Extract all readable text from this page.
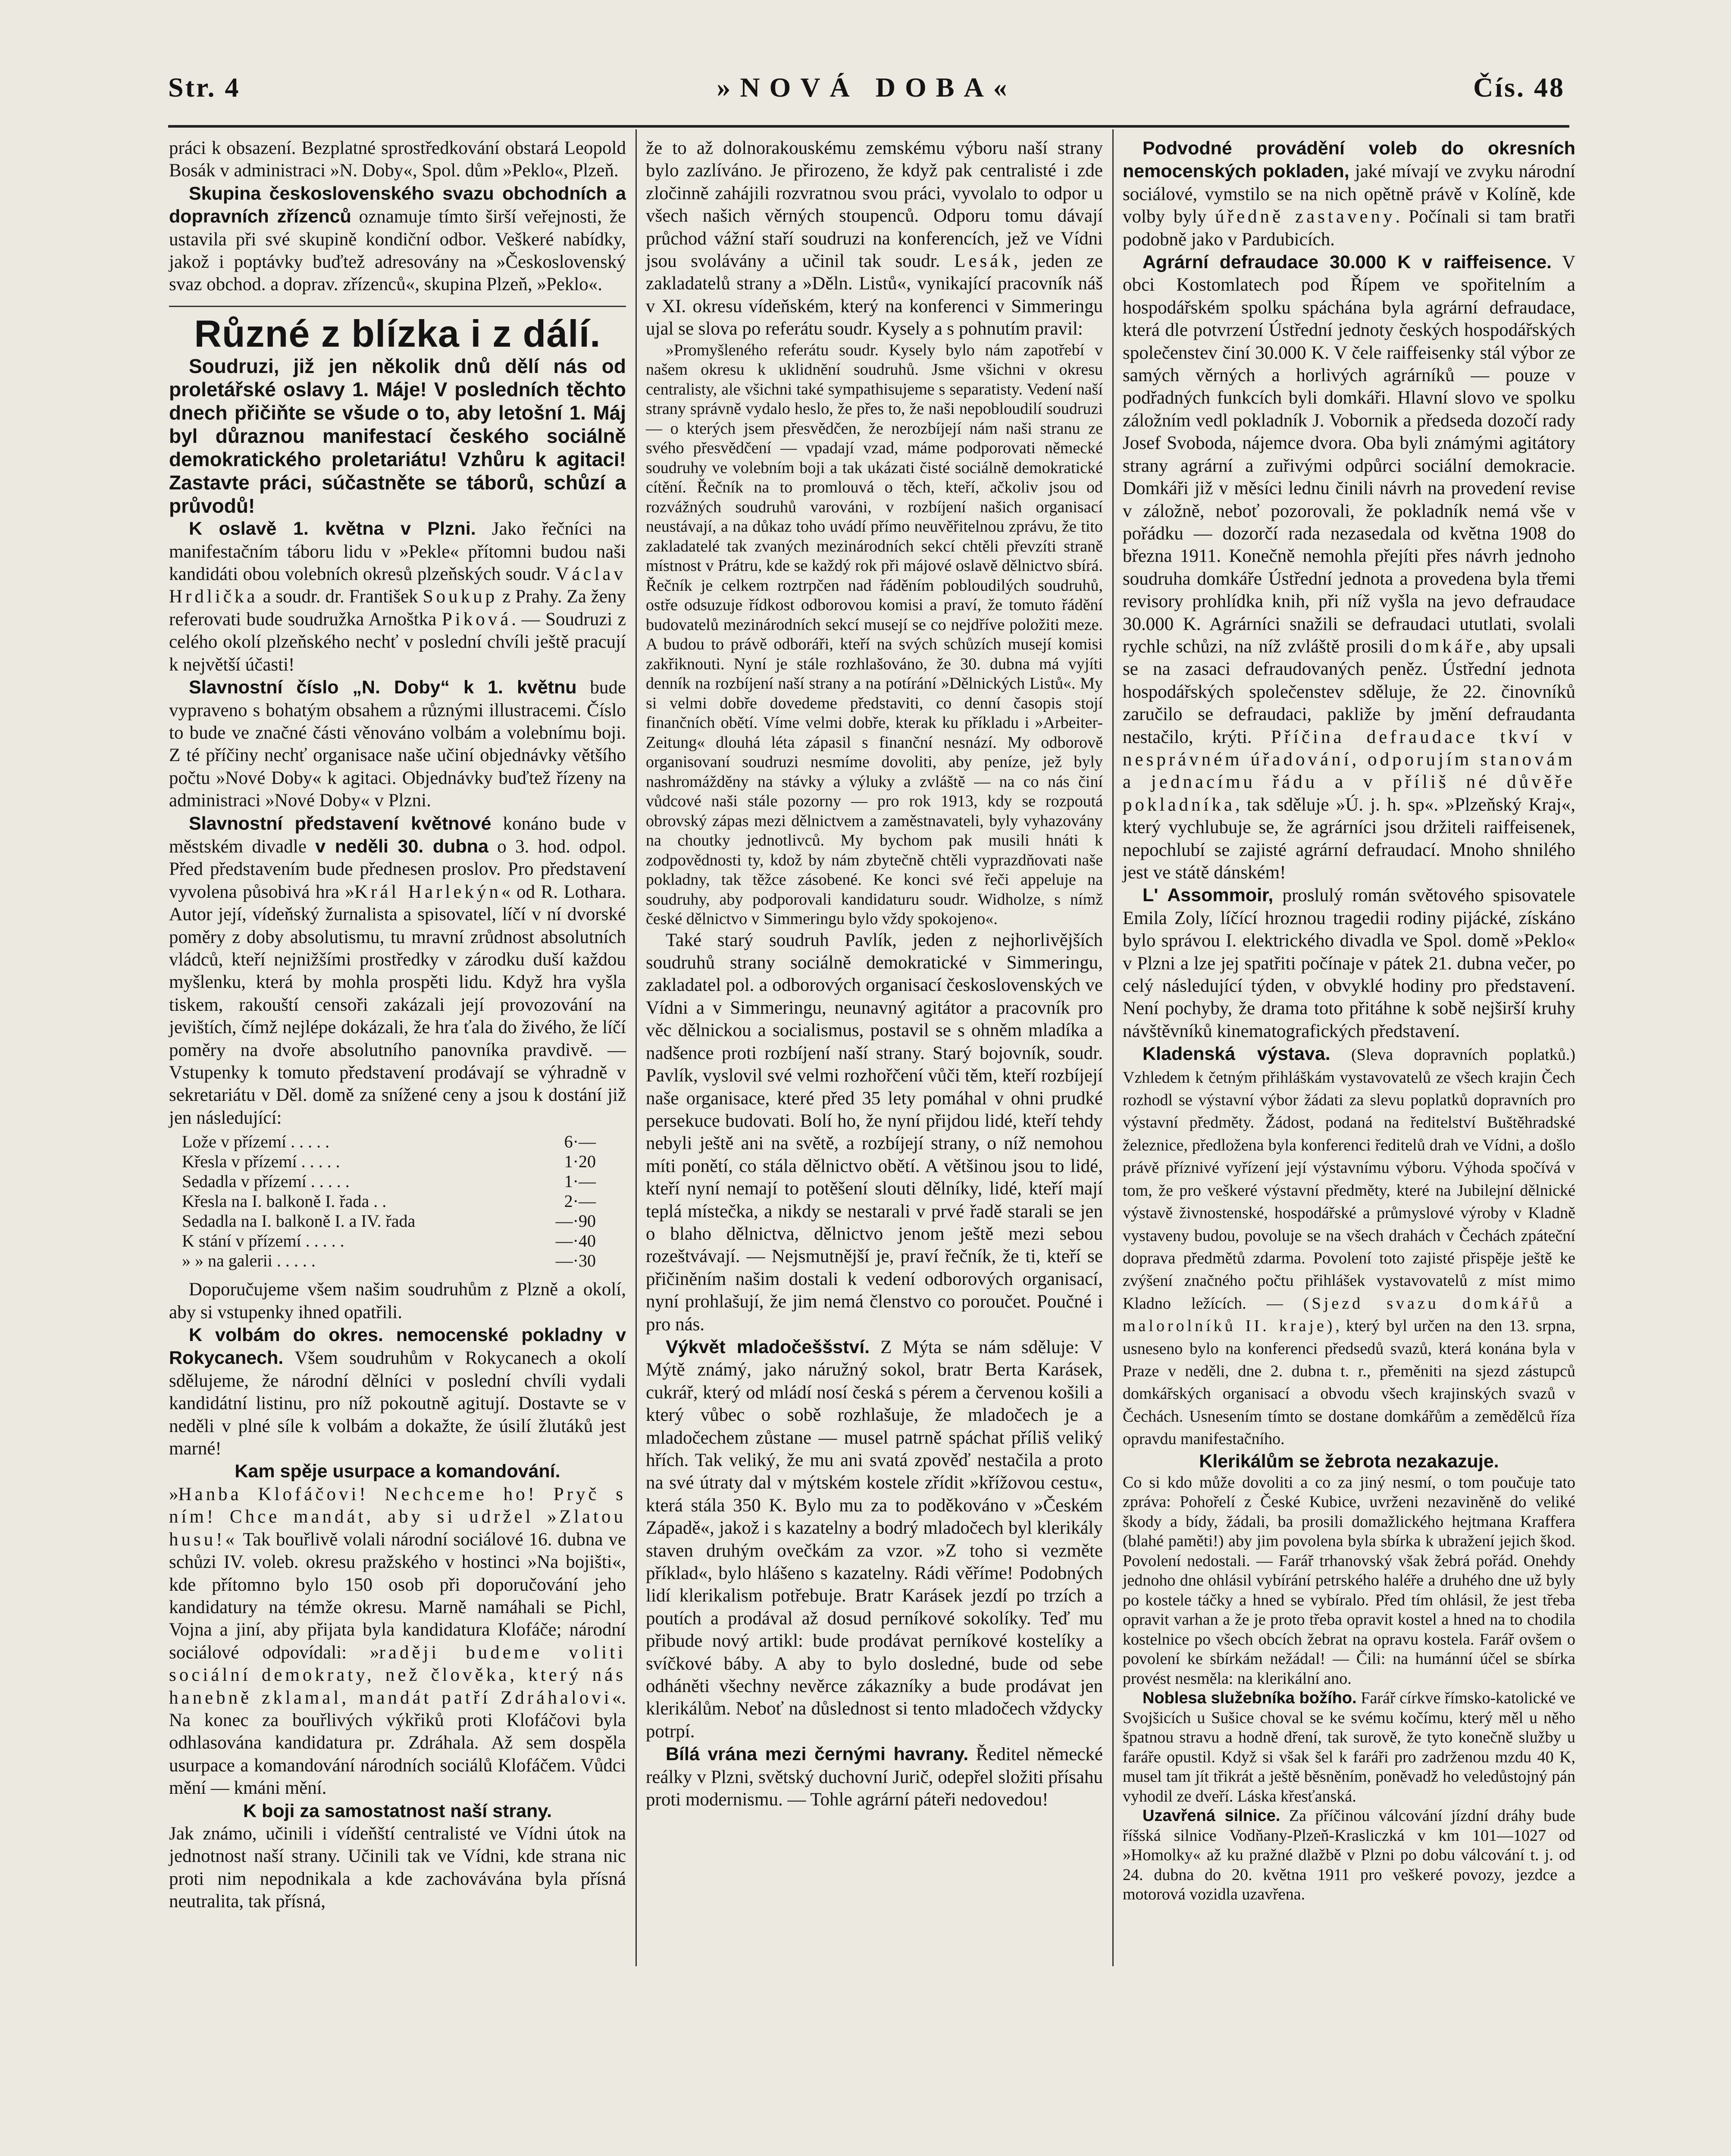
Str. 4	»NOVÁ DOBA«	Čís. 48

práci k obsazení. Bezplatné sprostředkování obstará Leopold Bosák v administraci »N. Doby«, Spol. dům »Peklo«, Plzeň.

Skupina československého svazu obchodních a dopravních zřízenců oznamuje tímto širší veřejnosti, že ustavila při své skupině kondiční odbor. Veškeré nabídky, jakož i poptávky buďtež adresovány na »Československý svaz obchod. a doprav. zřízenců«, skupina Plzeň, »Peklo«.

Různé z blízka i z dálí.

Soudruzi, již jen několik dnů dělí nás od proletářské oslavy 1. Máje! V posledních těchto dnech přičiňte se všude o to, aby letošní 1. Máj byl důraznou manifestací českého sociálně demokratického proletariátu! Vzhůru k agitaci! Zastavte práci, súčastněte se táborů, schůzí a průvodů!

K oslavě 1. května v Plzni. Jako řečníci na manifestačním táboru lidu v »Pekle« přítomni budou naši kandidáti obou volebních okresů plzeňských soudr. Václav Hrdlička a soudr. dr. František Soukup z Prahy. Za ženy referovati bude soudružka Arnoštka Piková. — Soudruzi z celého okolí plzeňského nechť v poslední chvíli ještě pracují k největší účasti!

Slavnostní číslo „N. Doby“ k 1. květnu bude vypraveno s bohatým obsahem a různými illustracemi. Číslo to bude ve značné části věnováno volbám a volebnímu boji. Z té příčiny nechť organisace naše učiní objednávky většího počtu »Nové Doby« k agitaci. Objednávky buďtež řízeny na administraci »Nové Doby« v Plzni.

Slavnostní představení květnové konáno bude v městském divadle v neděli 30. dubna o 3. hod. odpol. Před představením bude přednesen proslov. Pro představení vyvolena působivá hra »Král Harlekýn« od R. Lothara. Autor její, vídeňský žurnalista a spisovatel, líčí v ní dvorské poměry z doby absolutismu, tu mravní zrůdnost absolutních vládců, kteří nejnižšími prostředky v zárodku duší každou myšlenku, která by mohla prospěti lidu. Když hra vyšla tiskem, rakouští censoři zakázali její provozování na jevištích, čímž nejlépe dokázali, že hra ťala do živého, že líčí poměry na dvoře absolutního panovníka pravdivě. — Vstupenky k tomuto představení prodávají se výhradně v sekretariátu v Děl. domě za snížené ceny a jsou k dostání již jen následující:

Lože v přízemí . . . . .	6·—
Křesla v přízemí . . . . .	1·20
Sedadla v přízemí . . . . .	1·—
Křesla na I. balkoně I. řada . .	2·—
Sedadla na I. balkoně I. a IV. řada	—·90
K stání v přízemí . . . . .	—·40
» » na galerii . . . . .	—·30

Doporučujeme všem našim soudruhům z Plzně a okolí, aby si vstupenky ihned opatřili.

K volbám do okres. nemocenské pokladny v Rokycanech. Všem soudruhům v Rokycanech a okolí sdělujeme, že národní dělníci v poslední chvíli vydali kandidátní listinu, pro níž pokoutně agitují. Dostavte se v neděli v plné síle k volbám a dokažte, že úsilí žlutáků jest marné!

Kam spěje usurpace a komandování.

»Hanba Klofáčovi! Nechceme ho! Pryč s ním! Chce mandát, aby si udržel »Zlatou husu!« Tak bouřlivě volali národní sociálové 16. dubna ve schůzi IV. voleb. okresu pražského v hostinci »Na bojišti«, kde přítomno bylo 150 osob při doporučování jeho kandidatury na témže okresu. Marně namáhali se Pichl, Vojna a jiní, aby přijata byla kandidatura Klofáče; národní sociálové odpovídali: »raději budeme voliti sociální demokraty, než člověka, který nás hanebně zklamal, mandát patří Zdráhalovi«. Na konec za bouřlivých výkřiků proti Klofáčovi byla odhlasována kandidatura pr. Zdráhala. Až sem dospěla usurpace a komandování národních sociálů Klofáčem. Vůdci mění — kmáni mění.

K boji za samostatnost naší strany.

Jak známo, učinili i vídeňští centralisté ve Vídni útok na jednotnost naší strany. Učinili tak ve Vídni, kde strana nic proti nim nepodnikala a kde zachovávána byla přísná neutralita, tak přísná,

že to až dolnorakouskému zemskému výboru naší strany bylo zazlíváno. Je přirozeno, že když pak centralisté i zde zločinně zahájili rozvratnou svou práci, vyvolalo to odpor u všech našich věrných stoupenců. Odporu tomu dávají průchod vážní staří soudruzi na konferencích, jež ve Vídni jsou svolávány a učinil tak soudr. Lesák, jeden ze zakladatelů strany a »Děln. Listů«, vynikající pracovník náš v XI. okresu vídeňském, který na konferenci v Simmeringu ujal se slova po referátu soudr. Kysely a s pohnutím pravil:

»Promyšleného referátu soudr. Kysely bylo nám zapotřebí v našem okresu k uklidnění soudruhů. Jsme všichni v okresu centralisty, ale všichni také sympathisujeme s separatisty. Vedení naší strany správně vydalo heslo, že přes to, že naši nepobloudilí soudruzi — o kterých jsem přesvědčen, že nerozbíjejí nám naši stranu ze svého přesvědčení — vpadají vzad, máme podporovati německé soudruhy ve volebním boji a tak ukázati čisté sociálně demokratické cítění. Řečník na to promlouvá o těch, kteří, ačkoliv jsou od rozvážných soudruhů varováni, v rozbíjení našich organisací neustávají, a na důkaz toho uvádí přímo neuvěřitelnou zprávu, že tito zakladatelé tak zvaných mezinárodních sekcí chtěli převzíti straně místnost v Prátru, kde se každý rok při májové oslavě dělnictvo sbírá. Řečník je celkem roztrpčen nad řáděním pobloudilých soudruhů, ostře odsuzuje řídkost odborovou komisi a praví, že tomuto řádění budovatelů mezinárodních sekcí musejí se co nejdříve položiti meze. A budou to právě odboráři, kteří na svých schůzích musejí komisi zakřiknouti. Nyní je stále rozhlašováno, že 30. dubna má vyjíti denník na rozbíjení naší strany a na potírání »Dělnických Listů«. My si velmi dobře dovedeme představiti, co denní časopis stojí finančních obětí. Víme velmi dobře, kterak ku příkladu i »Arbeiter-Zeitung« dlouhá léta zápasil s finanční nesnází. My odborově organisovaní soudruzi nesmíme dovoliti, aby peníze, jež byly nashromážděny na stávky a výluky a zvláště — na co nás činí vůdcové naši stále pozorny — pro rok 1913, kdy se rozpoutá obrovský zápas mezi dělnictvem a zaměstnavateli, byly vyhazovány na choutky jednotlivců. My bychom pak musili hnáti k zodpovědnosti ty, kdož by nám zbytečně chtěli vyprazdňovati naše pokladny, tak těžce zásobené. Ke konci své řeči appeluje na soudruhy, aby podporovali kandidaturu soudr. Widholze, s nímž české dělnictvo v Simmeringu bylo vždy spokojeno«.

Také starý soudruh Pavlík, jeden z nejhorlivějších soudruhů strany sociálně demokratické v Simmeringu, zakladatel pol. a odborových organisací československých ve Vídni a v Simmeringu, neunavný agitátor a pracovník pro věc dělnickou a socialismus, postavil se s ohněm mladíka a nadšence proti rozbíjení naší strany. Starý bojovník, soudr. Pavlík, vyslovil své velmi rozhořčení vůči těm, kteří rozbíjejí naše organisace, které před 35 lety pomáhal v ohni prudké persekuce budovati. Bolí ho, že nyní přijdou lidé, kteří tehdy nebyli ještě ani na světě, a rozbíjejí strany, o níž nemohou míti ponětí, co stála dělnictvo obětí. A většinou jsou to lidé, kteří nyní nemají to potěšení slouti dělníky, lidé, kteří mají teplá místečka, a nikdy se nestarali v prvé řadě starali se jen o blaho dělnictva, dělnictvo jenom ještě mezi sebou rozeštvávají. — Nejsmutnější je, praví řečník, že ti, kteří se přičiněním našim dostali k vedení odborových organisací, nyní prohlašují, že jim nemá členstvo co poroučet. Poučné i pro nás.

Výkvět mladočeššství. Z Mýta se nám sděluje: V Mýtě známý, jako náružný sokol, bratr Berta Karásek, cukrář, který od mládí nosí česká s pérem a červenou košili a který vůbec o sobě rozhlašuje, že mladočech je a mladočechem zůstane — musel patrně spáchat příliš veliký hřích. Tak veliký, že mu ani svatá zpověď nestačila a proto na své útraty dal v mýtském kostele zřídit »křížovou cestu«, která stála 350 K. Bylo mu za to poděkováno v »Českém Západě«, jakož i s kazatelny a bodrý mladočech byl klerikály staven druhým ovečkám za vzor. »Z toho si vezměte příklad«, bylo hlášeno s kazatelny. Rádi věříme! Podobných lidí klerikalism potřebuje. Bratr Karásek jezdí po trzích a poutích a prodával až dosud perníkové sokolíky. Teď mu přibude nový artikl: bude prodávat perníkové kostelíky a svíčkové báby. A aby to bylo dosledné, bude od sebe odháněti všechny nevěrce zákazníky a bude prodávat jen klerikálům. Neboť na důslednost si tento mladočech vždycky potrpí.

Bílá vrána mezi černými havrany. Ředitel německé reálky v Plzni, světský duchovní Jurič, odepřel složiti přísahu proti modernismu. — Tohle agrární páteři nedovedou!

Podvodné provádění voleb do okresních nemocenských pokladen, jaké mívají ve zvyku národní sociálové, vymstilo se na nich opětně právě v Kolíně, kde volby byly úředně zastaveny. Počínali si tam bratři podobně jako v Pardubicích.

Agrární defraudace 30.000 K v raiffeisence. V obci Kostomlatech pod Řípem ve spořitelním a hospodářském spolku spáchána byla agrární defraudace, která dle potvrzení Ústřední jednoty českých hospodářských společenstev činí 30.000 K. V čele raiffeisenky stál výbor ze samých věrných a horlivých agrárníků — pouze v podřadných funkcích byli domkáři. Hlavní slovo ve spolku záložním vedl pokladník J. Vobornik a předseda dozočí rady Josef Svoboda, nájemce dvora. Oba byli známými agitátory strany agrární a zuřivými odpůrci sociální demokracie. Domkáři již v měsíci lednu činili návrh na provedení revise v záložně, neboť pozorovali, že pokladník nemá vše v pořádku — dozorčí rada nezasedala od května 1908 do března 1911. Konečně nemohla přejíti přes návrh jednoho soudruha domkáře Ústřední jednota a provedena byla třemi revisory prohlídka knih, při níž vyšla na jevo defraudace 30.000 K. Agrárníci snažili se defraudaci ututlati, svolali rychle schůzi, na níž zvláště prosili domkáře, aby upsali se na zasaci defraudovaných peněz. Ústřední jednota hospodářských společenstev sděluje, že 22. činovníků zaručilo se defraudaci, pakliže by jmění defraudanta nestačilo, krýti. Příčina defraudace tkví v nesprávném úřadování, odporujím stanovám a jednacímu řádu a v příliš né důvěře pokladníka, tak sděluje »Ú. j. h. sp«. »Plzeňský Kraj«, který vychlubuje se, že agrárníci jsou držiteli raiffeisenek, nepochlubí se zajisté agrární defraudací. Mnoho shnilého jest ve státě dánském!

L' Assommoir, proslulý román světového spisovatele Emila Zoly, líčící hroznou tragedii rodiny pijácké, získáno bylo správou I. elektrického divadla ve Spol. domě »Peklo« v Plzni a lze jej spatřiti počínaje v pátek 21. dubna večer, po celý následující týden, v obvyklé hodiny pro představení. Není pochyby, že drama toto přitáhne k sobě nejširší kruhy návštěvníků kinematografických představení.

Kladenská výstava. (Sleva dopravních poplatků.) Vzhledem k četným přihláškám vystavovatelů ze všech krajin Čech rozhodl se výstavní výbor žádati za slevu poplatků dopravních pro výstavní předměty. Žádost, podaná na ředitelství Buštěhradské železnice, předložena byla konferenci ředitelů drah ve Vídni, a došlo právě příznivé vyřízení její výstavnímu výboru. Výhoda spočívá v tom, že pro veškeré výstavní předměty, které na Jubilejní dělnické výstavě živnostenské, hospodářské a průmyslové výroby v Kladně vystaveny budou, povoluje se na všech drahách v Čechách zpáteční doprava předmětů zdarma. Povolení toto zajisté přispěje ještě ke zvýšení značného počtu přihlášek vystavovatelů z míst mimo Kladno ležících. — (Sjezd svazu domkářů a malorolníků II. kraje), který byl určen na den 13. srpna, usneseno bylo na konferenci předsedů svazů, která konána byla v Praze v neděli, dne 2. dubna t. r., přeměniti na sjezd zástupců domkářských organisací a obvodu všech krajinských svazů v Čechách. Usnesením tímto se dostane domkářům a zemědělců říza opravdu manifestačního.

Klerikálům se žebrota nezakazuje.

Co si kdo může dovoliti a co za jiný nesmí, o tom poučuje tato zpráva: Pohořelí z České Kubice, uvrženi nezaviněně do veliké škody a bídy, žádali, ba prosili domažlického hejtmana Kraffera (blahé paměti!) aby jim povolena byla sbírka k ubražení jejich škod. Povolení nedostali. — Farář trhanovský však žebrá pořád. Onehdy jednoho dne ohlásil vybírání petrského haléře a druhého dne už byly po kostele táčky a hned se vybíralo. Před tím ohlásil, že jest třeba opravit varhan a že je proto třeba opravit kostel a hned na to chodila kostelnice po všech obcích žebrat na opravu kostela. Farář ovšem o povolení ke sbírkám nežádal! — Čili: na humánní účel se sbírka provést nesměla: na klerikální ano.

Noblesa služebníka božího. Farář církve římsko-katolické ve Svojšicích u Sušice choval se ke svému kočímu, který měl u něho špatnou stravu a hodně dření, tak surově, že tyto konečně služby u faráře opustil. Když si však šel k faráři pro zadrženou mzdu 40 K, musel tam jít třikrát a ještě běsněním, poněvadž ho veledůstojný pán vyhodil ze dveří. Láska křesťanská.

Uzavřená silnice. Za příčinou válcování jízdní dráhy bude říšská silnice Vodňany-Plzeň-Krasliczká v km 101—1027 od »Homolky« až ku pražné dlažbě v Plzni po dobu válcování t. j. od 24. dubna do 20. května 1911 pro veškeré povozy, jezdce a motorová vozidla uzavřena.
